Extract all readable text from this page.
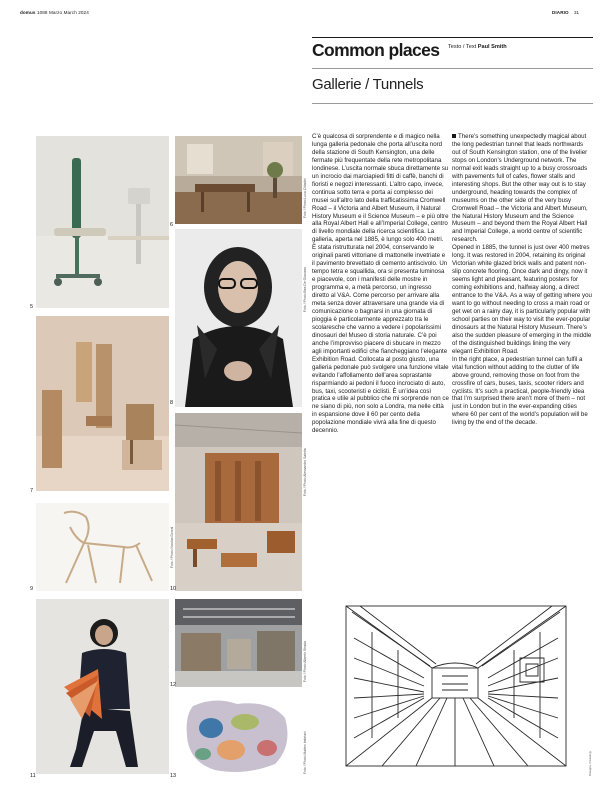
domus 1088 Marzo March 2024	DIARIO 31
Common places Testo / Text Paul Smith
Gallerie / Tunnels

C’è qualcosa di sorprendente e di magico nella lunga galleria pedonale che porta all’uscita nord della stazione di South Kensington, una delle fermate più frequentate della rete metropolitana londinese. L’uscita normale sbuca direttamente su un incrocio dai marciapiedi fitti di caffè, banchi di fioristi e negozi interessanti. L’altro capo, invece, continua sotto terra e porta ai complesso dei musei sull’altro lato della trafficatissima Cromwell Road – il Victoria and Albert Museum, il Natural History Museum e il Science Museum – e più oltre alla Royal Albert Hall e all’Imperial College, centro di livello mondiale della ricerca scientifica. La galleria, aperta nel 1885, è lungo solo 400 metri. È stata ristrutturata nel 2004, conservando le originali pareti vittoriane di mattonelle invetriate e il pavimento brevettato di cemento antiscivolo. Un tempo tetra e squallida, ora si presenta luminosa e piacevole, con i manifesti delle mostre in programma e, a metà percorso, un ingresso diretto al V&A. Come percorso per arrivare alla meta senza dover attraversare una grande via di comunicazione o bagnarsi in una giornata di pioggia è particolarmente apprezzato tra le scolaresche che vanno a vedere i popolarissimi dinosauri del Museo di storia naturale. C’è poi anche l’improvviso piacere di sbucare in mezzo agli importanti edifici che fiancheggiano l’elegante Exhibition Road. Collocata al posto giusto, una galleria pedonale può svolgere una funzione vitale evitando l’affollamento dell’area soprastante risparmiando ai pedoni il fuoco incrociato di auto, bus, taxi, scooteristi e ciclisti. È un’idea così pratica e utile al pubblico che mi sorprende non ce ne siano di più, non solo a Londra, ma nelle città in espansione dove il 60 per cento della popolazione mondiale vivrà alla fine di questo decennio.

There’s something unexpectedly magical about the long pedestrian tunnel that leads northwards out of South Kensington station, one of the livelier stops on London’s Underground network. The normal exit leads straight up to a busy crossroads with pavements full of cafes, flower stalls and interesting shops. But the other way out is to stay underground, heading towards the complex of museums on the other side of the very busy Cromwell Road – the Victoria and Albert Museum, the Natural History Museum and the Science Museum – and beyond them the Royal Albert Hall and Imperial College, a world centre of scientific research.

Opened in 1885, the tunnel is just over 400 metres long. It was restored in 2004, retaining its original Victorian white glazed brick walls and patent non-slip concrete flooring. Once dark and dingy, now it seems light and pleasant, featuring posters for coming exhibitions and, halfway along, a direct entrance to the V&A. As a way of getting where you want to go without needing to cross a main road or get wet on a rainy day, it is particularly popular with school parties on their way to visit the ever-popular dinosaurs at the Natural History Museum. There’s also the sudden pleasure of emerging in the middle of the distinguished buildings lining the very elegant Exhibition Road.

In the right place, a pedestrian tunnel can fulfil a vital function without adding to the clutter of life above ground, removing those on foot from the crossfire of cars, buses, taxis, scooter riders and cyclists. It’s such a practical, people-friendly idea that I’m surprised there aren’t more of them – not just in London but in the ever-expanding cities where 60 per cent of the world’s population will be living by the end of the decade.

5
6
Foto / Photo Luca Cittadini
7
8
Foto / Photo Bea De Giacomo
9
Foto / Photo Nicolas Dorval
10
Foto / Photo Alessandro Saletta
11
12
Foto / Photo Alberto Strada
13
Foto / Photo Matteo Imbriani	Disegno / Drawing
